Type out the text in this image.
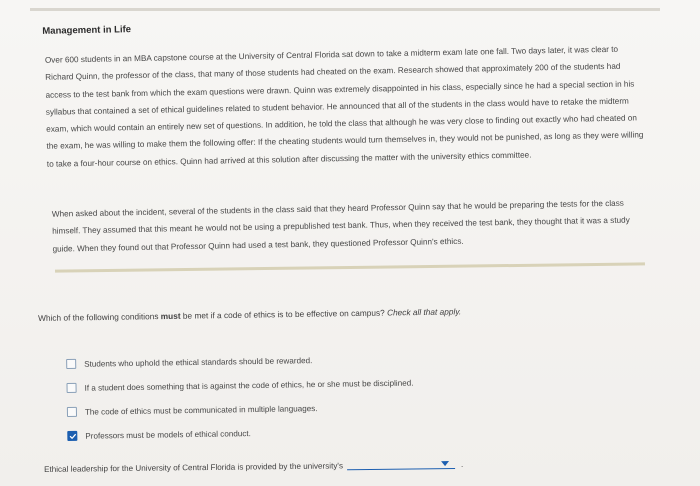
Management in Life
Over 600 students in an MBA capstone course at the University of Central Florida sat down to take a midterm exam late one fall. Two days later, it was clear to Richard Quinn, the professor of the class, that many of those students had cheated on the exam. Research showed that approximately 200 of the students had access to the test bank from which the exam questions were drawn. Quinn was extremely disappointed in his class, especially since he had a special section in his syllabus that contained a set of ethical guidelines related to student behavior. He announced that all of the students in the class would have to retake the midterm exam, which would contain an entirely new set of questions. In addition, he told the class that although he was very close to finding out exactly who had cheated on the exam, he was willing to make them the following offer: If the cheating students would turn themselves in, they would not be punished, as long as they were willing to take a four-hour course on ethics. Quinn had arrived at this solution after discussing the matter with the university ethics committee.
When asked about the incident, several of the students in the class said that they heard Professor Quinn say that he would be preparing the tests for the class himself. They assumed that this meant he would not be using a prepublished test bank. Thus, when they received the test bank, they thought that it was a study guide. When they found out that Professor Quinn had used a test bank, they questioned Professor Quinn's ethics.
Which of the following conditions must be met if a code of ethics is to be effective on campus? Check all that apply.
Students who uphold the ethical standards should be rewarded.
If a student does something that is against the code of ethics, he or she must be disciplined.
The code of ethics must be communicated in multiple languages.
Professors must be models of ethical conduct.
Ethical leadership for the University of Central Florida is provided by the university's	.
